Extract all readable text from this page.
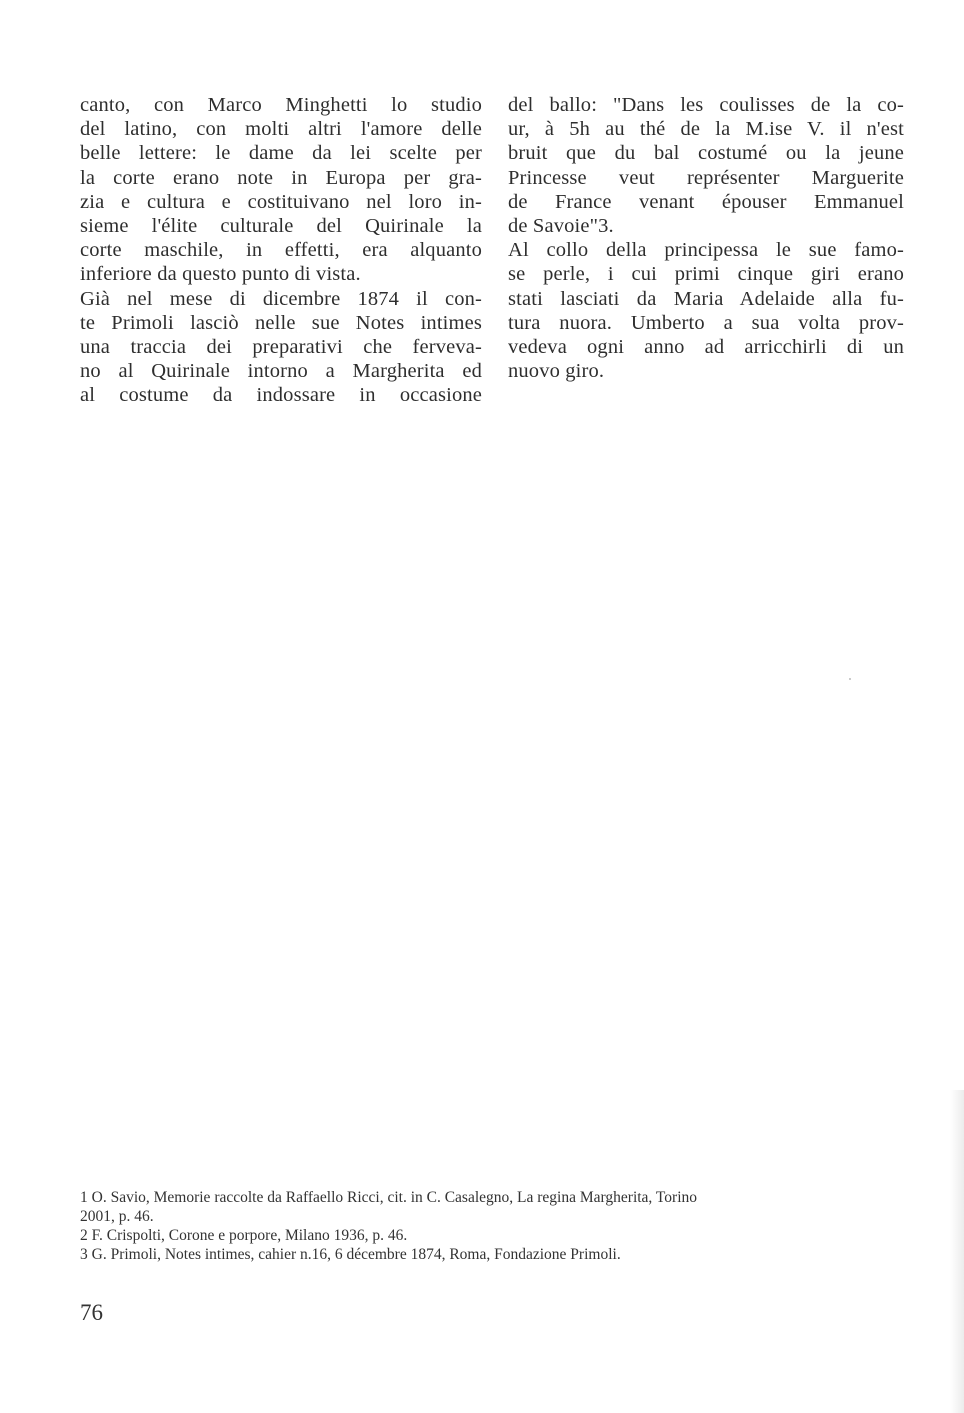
canto, con Marco Minghetti lo studio
del latino, con molti altri l'amore delle
belle lettere: le dame da lei scelte per
la corte erano note in Europa per gra-
zia e cultura e costituivano nel loro in-
sieme l'élite culturale del Quirinale la
corte maschile, in effetti, era alquanto
inferiore da questo punto di vista.
Già nel mese di dicembre 1874 il con-
te Primoli lasciò nelle sue Notes intimes
una traccia dei preparativi che ferveva-
no al Quirinale intorno a Margherita ed
al costume da indossare in occasione
del ballo: "Dans les coulisses de la co-
ur, à 5h au thé de la M.ise V. il n'est
bruit que du bal costumé ou la jeune
Princesse veut représenter Marguerite
de France venant épouser Emmanuel
de Savoie"3.
Al collo della principessa le sue famo-
se perle, i cui primi cinque giri erano
stati lasciati da Maria Adelaide alla fu-
tura nuora. Umberto a sua volta prov-
vedeva ogni anno ad arricchirli di un
nuovo giro.
1 O. Savio, Memorie raccolte da Raffaello Ricci, cit. in C. Casalegno, La regina Margherita, Torino
2001, p. 46.
2 F. Crispolti, Corone e porpore, Milano 1936, p. 46.
3 G. Primoli, Notes intimes, cahier n.16, 6 décembre 1874, Roma, Fondazione Primoli.
76
